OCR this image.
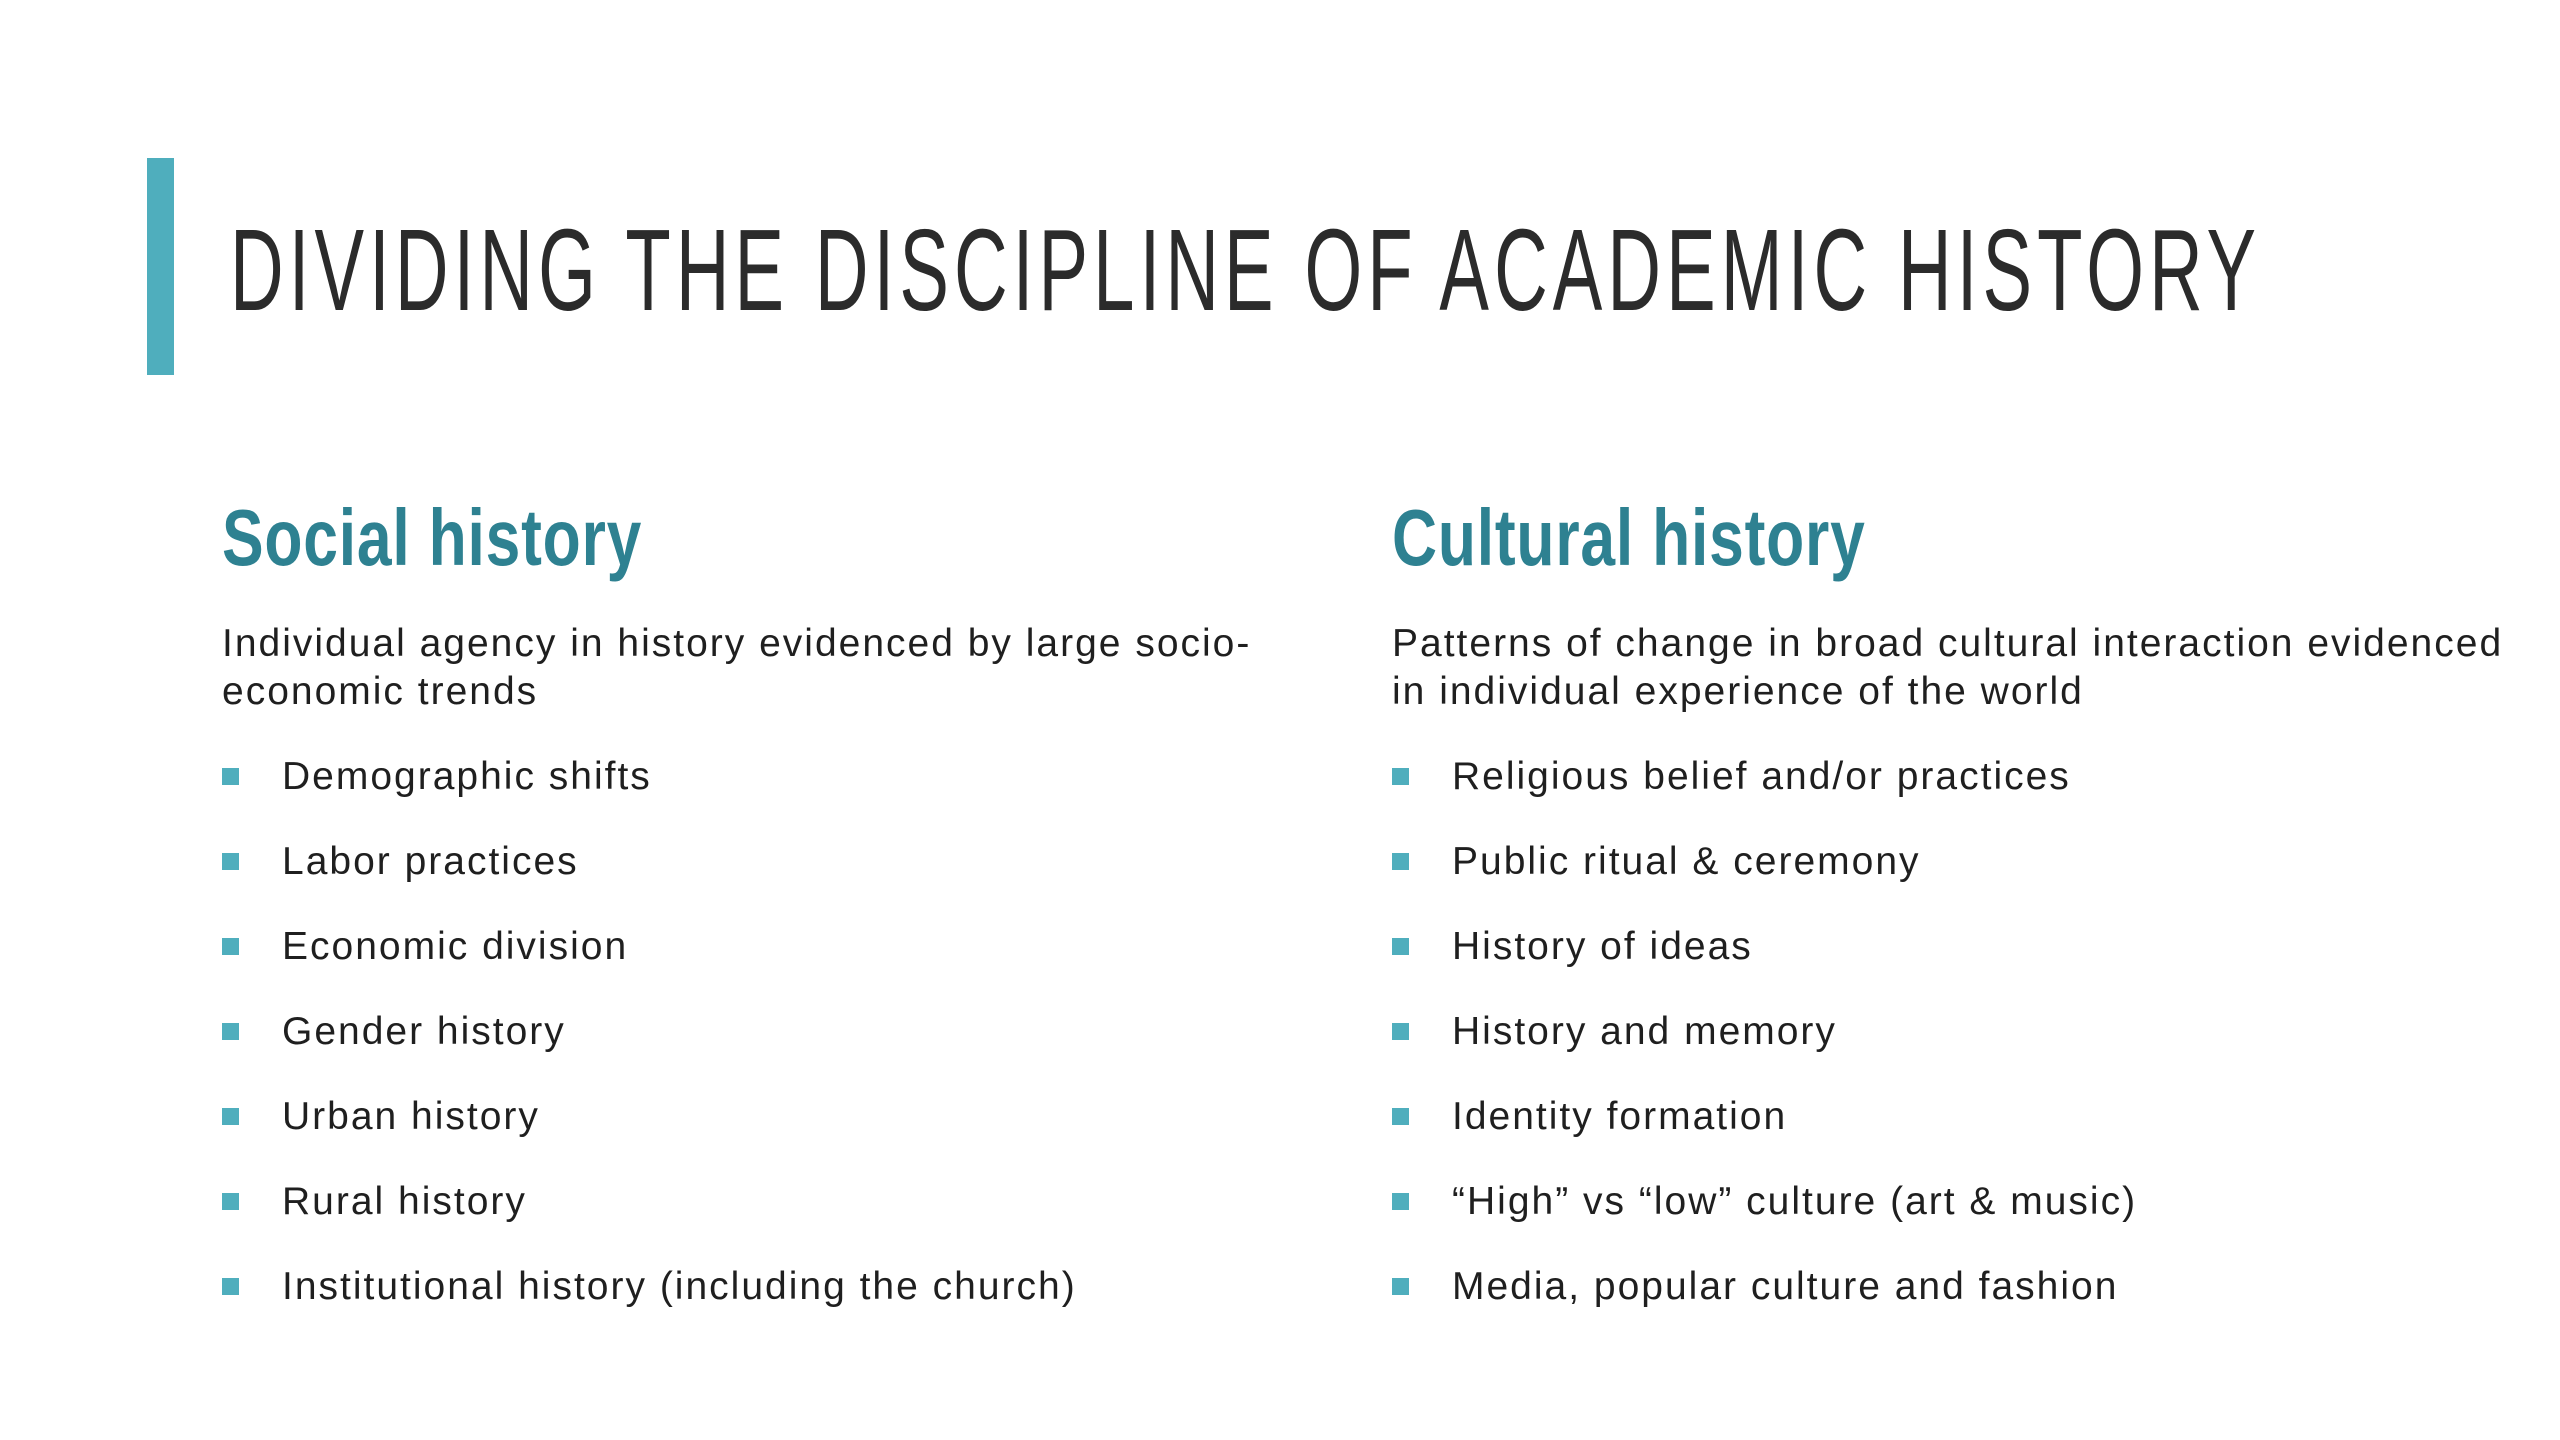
DIVIDING THE DISCIPLINE OF ACADEMIC HISTORY
Social history

Individual agency in history evidenced by large socio-economic trends

Demographic shifts
Labor practices
Economic division
Gender history
Urban history
Rural history
Institutional history (including the church)
Cultural history

Patterns of change in broad cultural interaction evidenced in individual experience of the world

Religious belief and/or practices
Public ritual & ceremony
History of ideas
History and memory
Identity formation
“High” vs “low” culture (art & music)
Media, popular culture and fashion
